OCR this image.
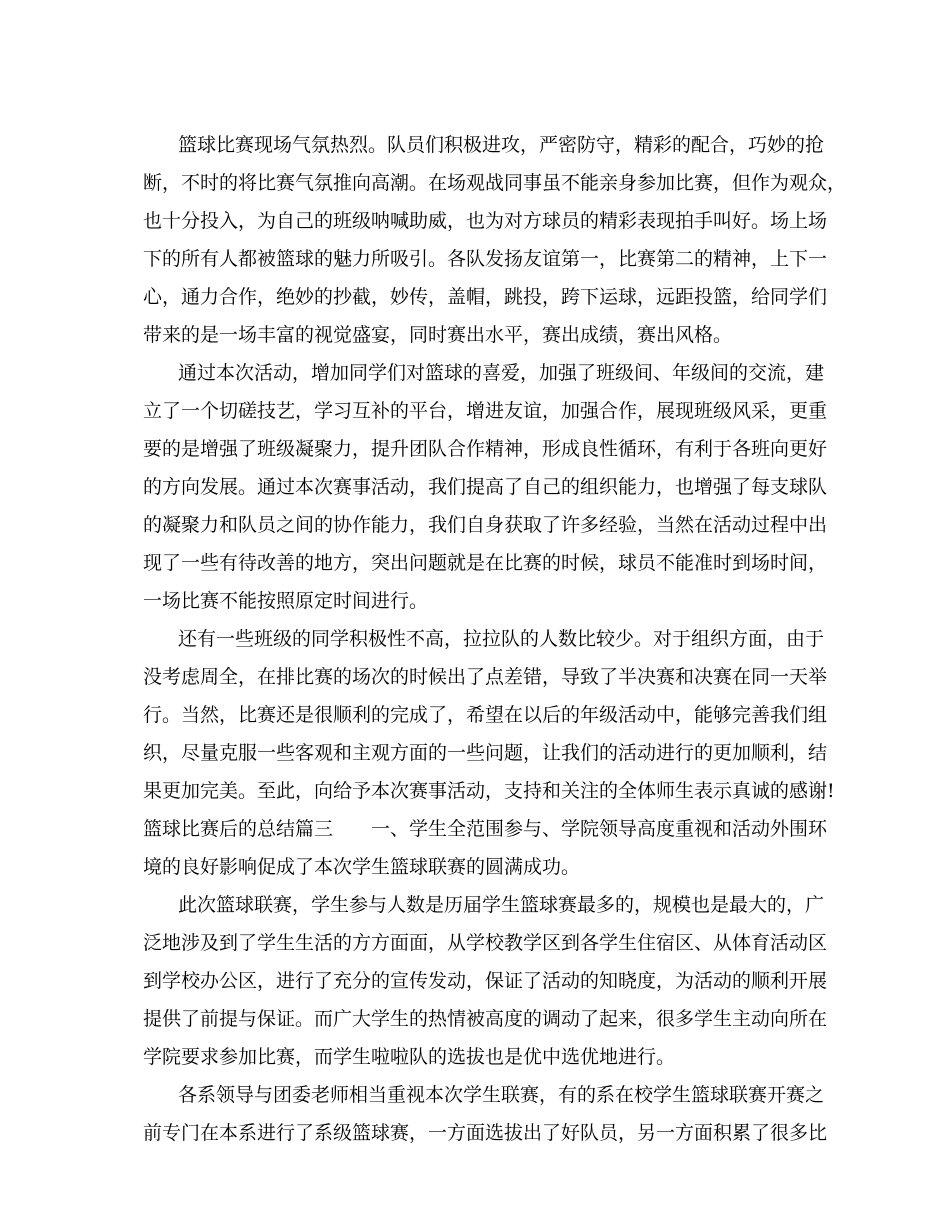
篮球比赛现场气氛热烈。队员们积极进攻，严密防守，精彩的配合，巧妙的抢

断，不时的将比赛气氛推向高潮。在场观战同事虽不能亲身参加比赛，但作为观众，

也十分投入，为自己的班级呐喊助威，也为对方球员的精彩表现拍手叫好。场上场

下的所有人都被篮球的魅力所吸引。各队发扬友谊第一，比赛第二的精神，上下一

心，通力合作，绝妙的抄截，妙传，盖帽，跳投，跨下运球，远距投篮，给同学们

带来的是一场丰富的视觉盛宴，同时赛出水平，赛出成绩，赛出风格。

通过本次活动，增加同学们对篮球的喜爱，加强了班级间、年级间的交流，建

立了一个切磋技艺，学习互补的平台，增进友谊，加强合作，展现班级风采，更重

要的是增强了班级凝聚力，提升团队合作精神，形成良性循环，有利于各班向更好

的方向发展。通过本次赛事活动，我们提高了自己的组织能力，也增强了每支球队

的凝聚力和队员之间的协作能力，我们自身获取了许多经验，当然在活动过程中出

现了一些有待改善的地方，突出问题就是在比赛的时候，球员不能准时到场时间，

一场比赛不能按照原定时间进行。

还有一些班级的同学积极性不高，拉拉队的人数比较少。对于组织方面，由于

没考虑周全，在排比赛的场次的时候出了点差错，导致了半决赛和决赛在同一天举

行。当然，比赛还是很顺利的完成了，希望在以后的年级活动中，能够完善我们组

织，尽量克服一些客观和主观方面的一些问题，让我们的活动进行的更加顺利，结

果更加完美。至此，向给予本次赛事活动，支持和关注的全体师生表示真诚的感谢!

篮球比赛后的总结篇三　　一、学生全范围参与、学院领导高度重视和活动外围环

境的良好影响促成了本次学生篮球联赛的圆满成功。

此次篮球联赛，学生参与人数是历届学生篮球赛最多的，规模也是最大的，广

泛地涉及到了学生生活的方方面面，从学校教学区到各学生住宿区、从体育活动区

到学校办公区，进行了充分的宣传发动，保证了活动的知晓度，为活动的顺利开展

提供了前提与保证。而广大学生的热情被高度的调动了起来，很多学生主动向所在

学院要求参加比赛，而学生啦啦队的选拔也是优中选优地进行。

各系领导与团委老师相当重视本次学生联赛，有的系在校学生篮球联赛开赛之

前专门在本系进行了系级篮球赛，一方面选拔出了好队员，另一方面积累了很多比
